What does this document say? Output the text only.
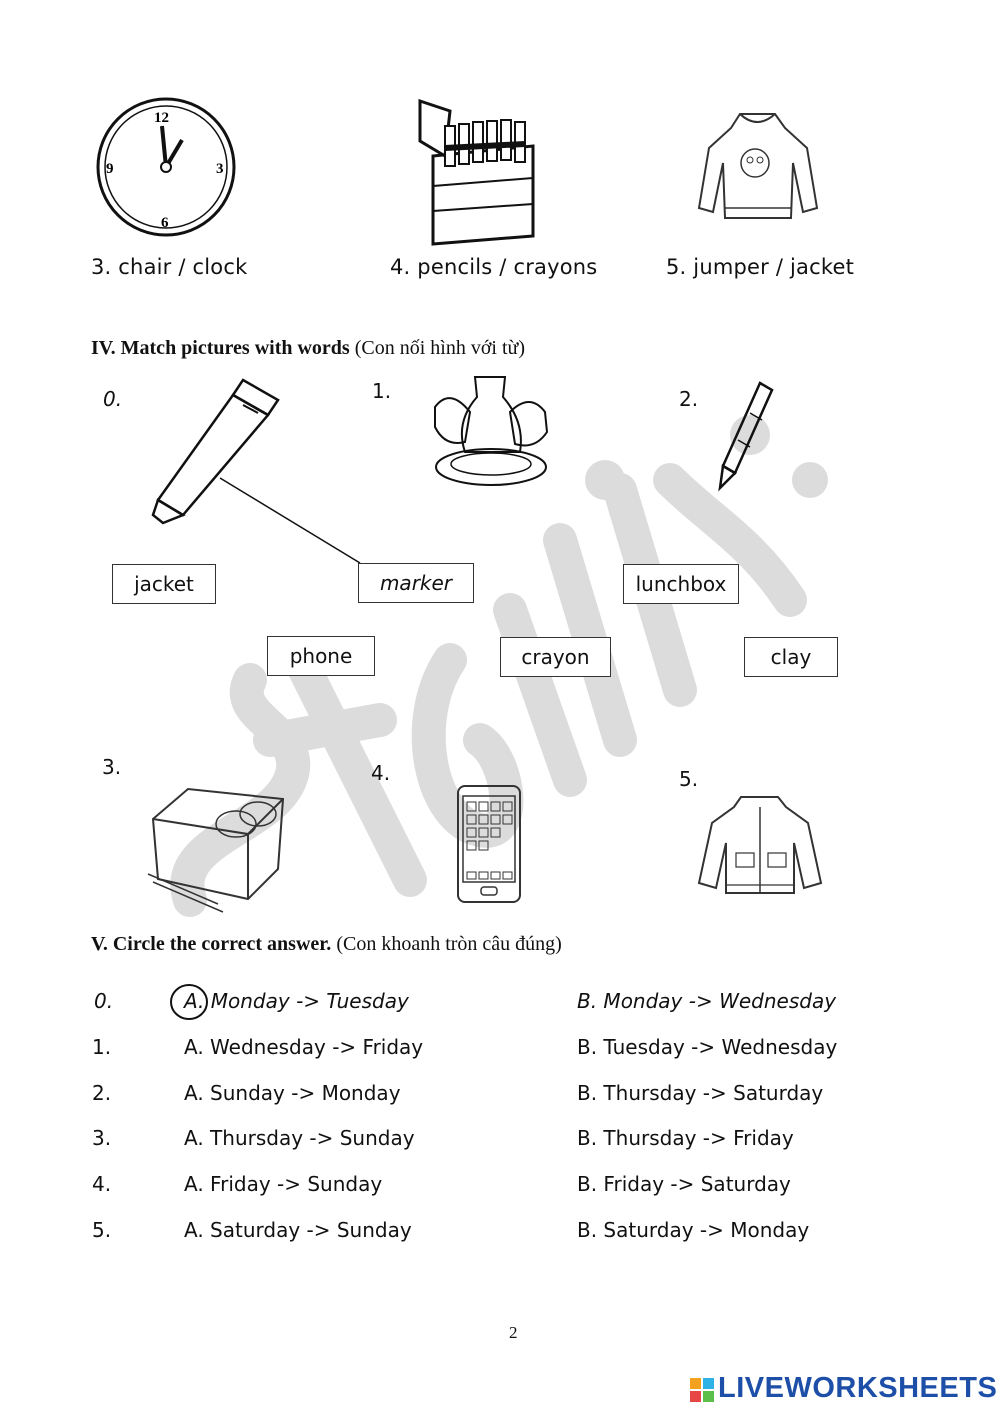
12
3
6
9
3. chair / clock	4. pencils / crayons	5. jumper / jacket
IV. Match pictures with words (Con nối hình với từ)
0.	1.	2.
jacket	marker	lunchbox
phone	crayon	clay
3.	4.	5.
V. Circle the correct answer. (Con khoanh tròn câu đúng)
0.	A. Monday -> Tuesday	B. Monday -> Wednesday
1.	A. Wednesday -> Friday	B. Tuesday -> Wednesday
2.	A. Sunday -> Monday	B. Thursday -> Saturday
3.	A. Thursday -> Sunday	B. Thursday -> Friday
4.	A. Friday -> Sunday	B. Friday -> Saturday
5.	A. Saturday -> Sunday	B. Saturday -> Monday
2
LIVEWORKSHEETS
